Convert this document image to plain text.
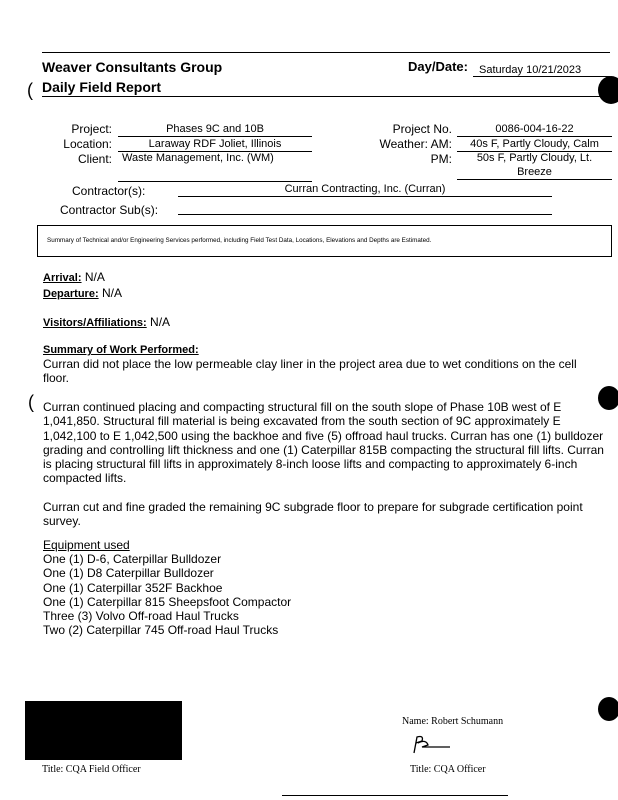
Weaver Consultants Group	Day/Date:	Saturday 10/21/2023
( Daily Field Report
Project:	Phases 9C and 10B
Location:	Laraway RDF Joliet, Illinois
Client: Waste Management, Inc. (WM)
Project No.	0086-004-16-22
Weather: AM:	40s F, Partly Cloudy, Calm
PM:	50s F, Partly Cloudy, Lt.
Breeze
Contractor(s):	Curran Contracting, Inc. (Curran)
Contractor Sub(s):
Summary of Technical and/or Engineering Services performed, including Field Test Data, Locations, Elevations and Depths are Estimated.
Arrival: N/A
Departure: N/A
Visitors/Affiliations: N/A
Summary of Work Performed:
Curran did not place the low permeable clay liner in the project area due to wet conditions on the cell floor.
( Curran continued placing and compacting structural fill on the south slope of Phase 10B west of E 1,041,850. Structural fill material is being excavated from the south section of 9C approximately E 1,042,100 to E 1,042,500 using the backhoe and five (5) offroad haul trucks. Curran has one (1) bulldozer grading and controlling lift thickness and one (1) Caterpillar 815B compacting the structural fill lifts. Curran is placing structural fill lifts in approximately 8-inch loose lifts and compacting to approximately 6-inch compacted lifts.
Curran cut and fine graded the remaining 9C subgrade floor to prepare for subgrade certification point survey.
Equipment used
One (1) D-6, Caterpillar Bulldozer
One (1) D8 Caterpillar Bulldozer
One (1) Caterpillar 352F Backhoe
One (1) Caterpillar 815 Sheepsfoot Compactor
Three (3) Volvo Off-road Haul Trucks
Two (2) Caterpillar 745 Off-road Haul Trucks
Title: CQA Field Officer
Name: Robert Schumann
Title: CQA Officer
